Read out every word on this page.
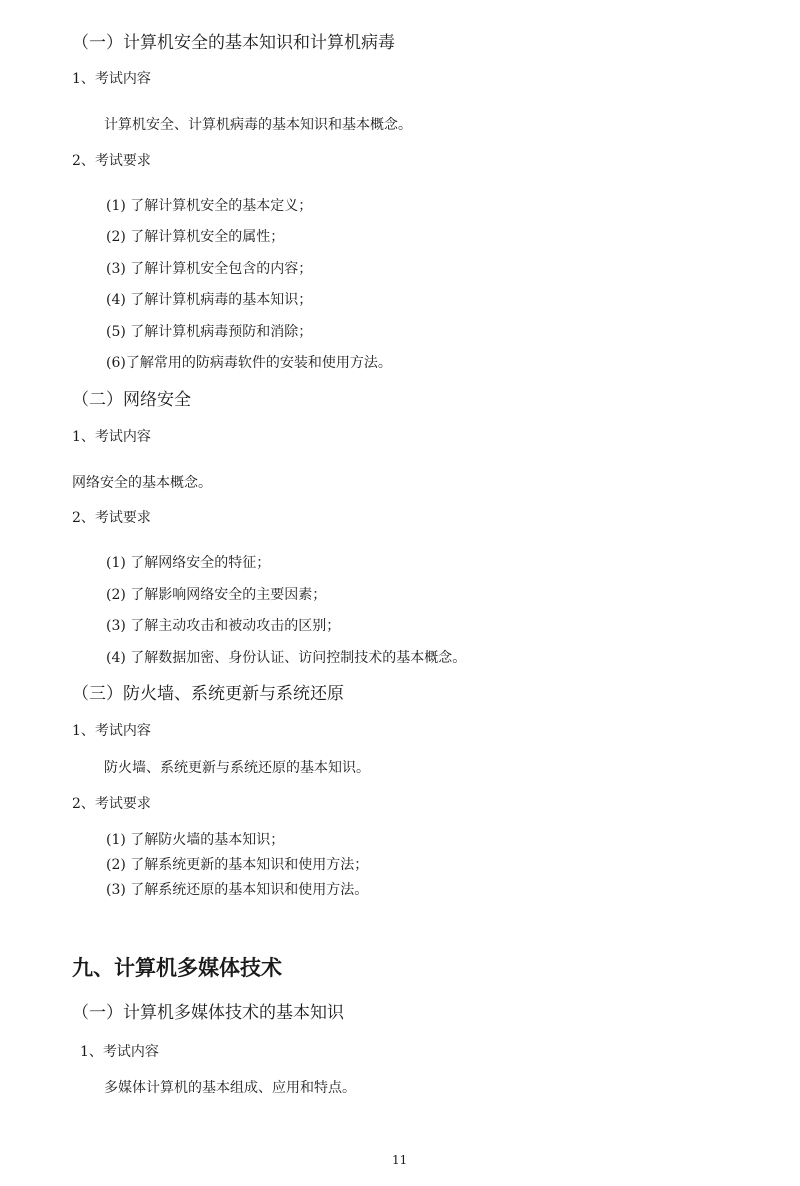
（一）计算机安全的基本知识和计算机病毒
1、考试内容
计算机安全、计算机病毒的基本知识和基本概念。
2、考试要求
(1) 了解计算机安全的基本定义；
(2) 了解计算机安全的属性；
(3) 了解计算机安全包含的内容；
(4) 了解计算机病毒的基本知识；
(5) 了解计算机病毒预防和消除；
(6)了解常用的防病毒软件的安装和使用方法。
（二）网络安全
1、考试内容
网络安全的基本概念。
2、考试要求
(1) 了解网络安全的特征；
(2) 了解影响网络安全的主要因素；
(3) 了解主动攻击和被动攻击的区别；
(4) 了解数据加密、身份认证、访问控制技术的基本概念。
（三）防火墙、系统更新与系统还原
1、考试内容
防火墙、系统更新与系统还原的基本知识。
2、考试要求
(1) 了解防火墙的基本知识；
(2) 了解系统更新的基本知识和使用方法；
(3) 了解系统还原的基本知识和使用方法。
九、计算机多媒体技术
（一）计算机多媒体技术的基本知识
1、考试内容
多媒体计算机的基本组成、应用和特点。
11
